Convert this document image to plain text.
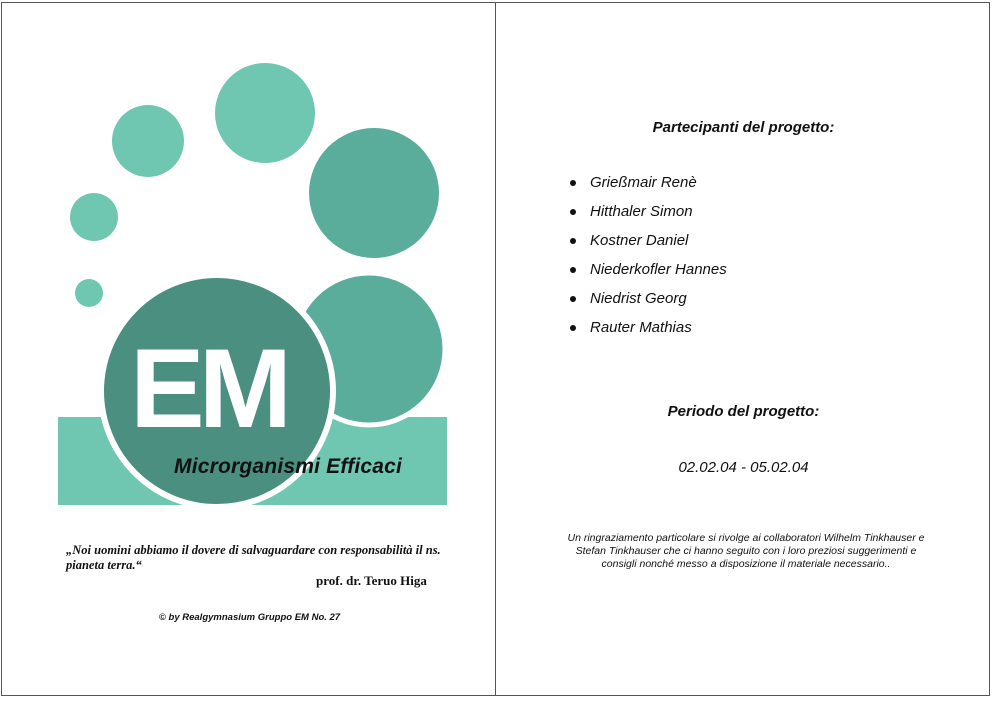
EM
Microrganismi Efficaci
„Noi uomini abbiamo il dovere di salvaguardare con responsabilità il ns. pianeta terra.“
prof. dr. Teruo Higa
© by Realgymnasium Gruppo EM No. 27
Partecipanti del progetto:
Grießmair Renè
Hitthaler Simon
Kostner Daniel
Niederkofler Hannes
Niedrist Georg
Rauter Mathias
Periodo del progetto:
02.02.04 - 05.02.04
Un ringraziamento particolare si rivolge ai collaboratori Wilhelm Tinkhauser e Stefan Tinkhauser che ci hanno seguito con i loro preziosi suggerimenti e consigli nonché messo a disposizione il materiale necessario..
